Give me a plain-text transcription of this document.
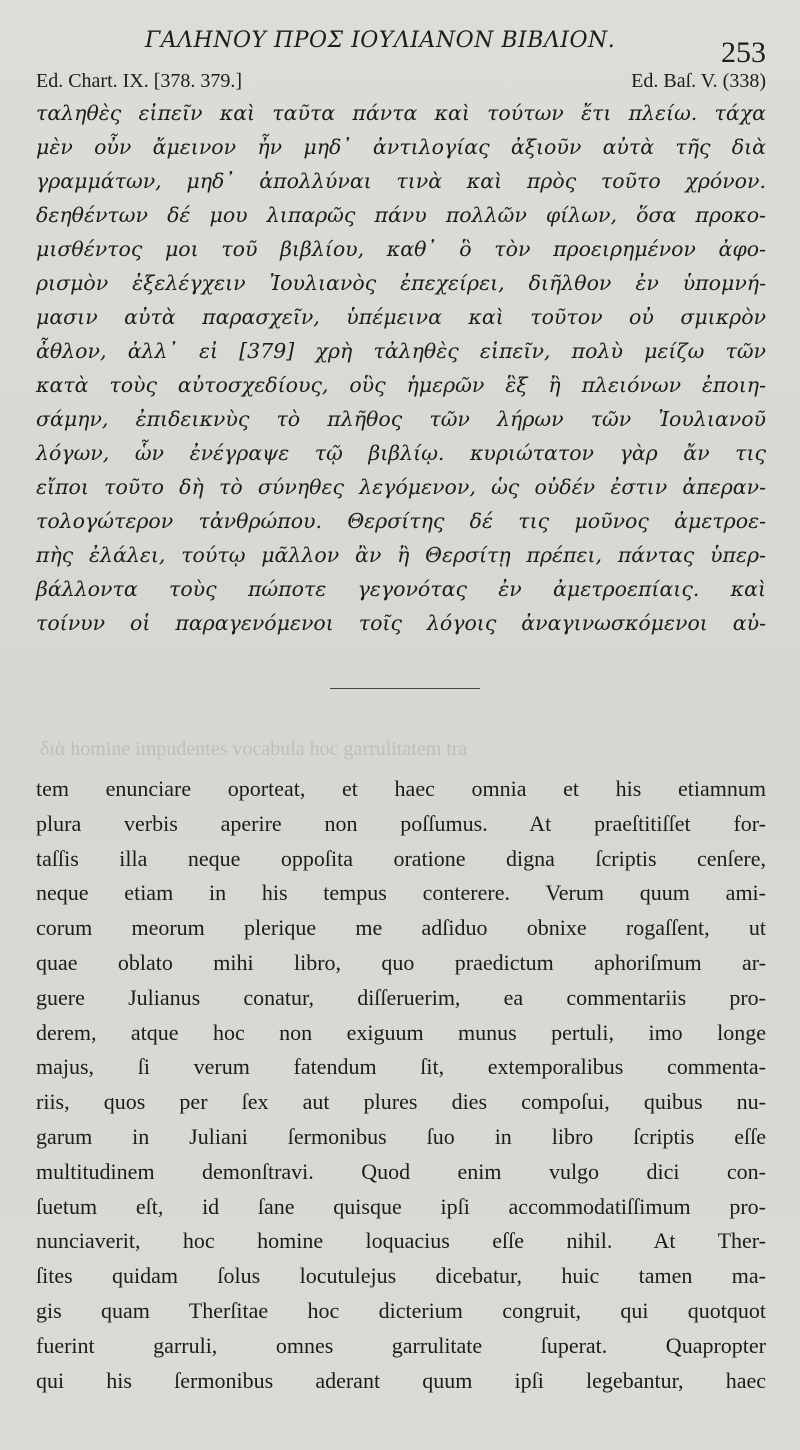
ΓΑΛΗΝΟΥ ΠΡΟΣ ΙΟΥΛΙΑΝΟΝ ΒΙΒΛΙΟΝ.	253
Ed. Chart. IX. [378. 379.]	Ed. Baſ. V. (338)
ταληθὲς εἰπεῖν καὶ ταῦτα πάντα καὶ τούτων ἔτι πλείω. τάχα
μὲν οὖν ἄμεινον ἦν μηδ᾽ ἀντιλογίας ἀξιοῦν αὐτὰ τῆς διὰ
γραμμάτων, μηδ᾽ ἀπολλύναι τινὰ καὶ πρὸς τοῦτο χρόνον.
δεηθέντων δέ μου λιπαρῶς πάνυ πολλῶν φίλων, ὅσα προκο-
μισθέντος μοι τοῦ βιβλίου, καθ᾽ ὃ τὸν προειρημένον ἀφο-
ρισμὸν ἐξελέγχειν Ἰουλιανὸς ἐπεχείρει, διῆλθον ἐν ὑπομνή-
μασιν αὐτὰ παρασχεῖν, ὑπέμεινα καὶ τοῦτον οὐ σμικρὸν
ἆθλον, ἀλλ᾽ εἰ [379] χρὴ τἀληθὲς εἰπεῖν, πολὺ μείζω τῶν
κατὰ τοὺς αὐτοσχεδίους, οὓς ἡμερῶν ἓξ ἢ πλειόνων ἐποιη-
σάμην, ἐπιδεικνὺς τὸ πλῆθος τῶν λήρων τῶν Ἰουλιανοῦ
λόγων, ὧν ἐνέγραψε τῷ βιβλίῳ. κυριώτατον γὰρ ἄν τις
εἴποι τοῦτο δὴ τὸ σύνηθες λεγόμενον, ὡς οὐδέν ἐστιν ἀπεραν-
τολογώτερον τἀνθρώπου. Θερσίτης δέ τις μοῦνος ἀμετροε-
πὴς ἐλάλει, τούτῳ μᾶλλον ἂν ἢ Θερσίτῃ πρέπει, πάντας ὑπερ-
βάλλοντα τοὺς πώποτε γεγονότας ἐν ἀμετροεπίαις. καὶ
τοίνυν οἱ παραγενόμενοι τοῖς λόγοις ἀναγινωσκόμενοι αὐ-
διὰ homine impudentes vocabula hoc garrulitatem tra
tem enunciare oporteat, et haec omnia et his etiamnum
plura verbis aperire non poſſumus. At praeſtitiſſet for-
taſſis illa neque oppoſita oratione digna ſcriptis cenſere,
neque etiam in his tempus conterere. Verum quum ami-
corum meorum plerique me adſiduo obnixe rogaſſent, ut
quae oblato mihi libro, quo praedictum aphoriſmum ar-
guere Julianus conatur, diſſeruerim, ea commentariis pro-
derem, atque hoc non exiguum munus pertuli, imo longe
majus, ſi verum fatendum ſit, extemporalibus commenta-
riis, quos per ſex aut plures dies compoſui, quibus nu-
garum in Juliani ſermonibus ſuo in libro ſcriptis eſſe
multitudinem demonſtravi. Quod enim vulgo dici con-
ſuetum eſt, id ſane quisque ipſi accommodatiſſimum pro-
nunciaverit, hoc homine loquacius eſſe nihil. At Ther-
ſites quidam ſolus locutulejus dicebatur, huic tamen ma-
gis quam Therſitae hoc dicterium congruit, qui quotquot
fuerint garruli, omnes garrulitate ſuperat. Quapropter
qui his ſermonibus aderant quum ipſi legebantur, haec
